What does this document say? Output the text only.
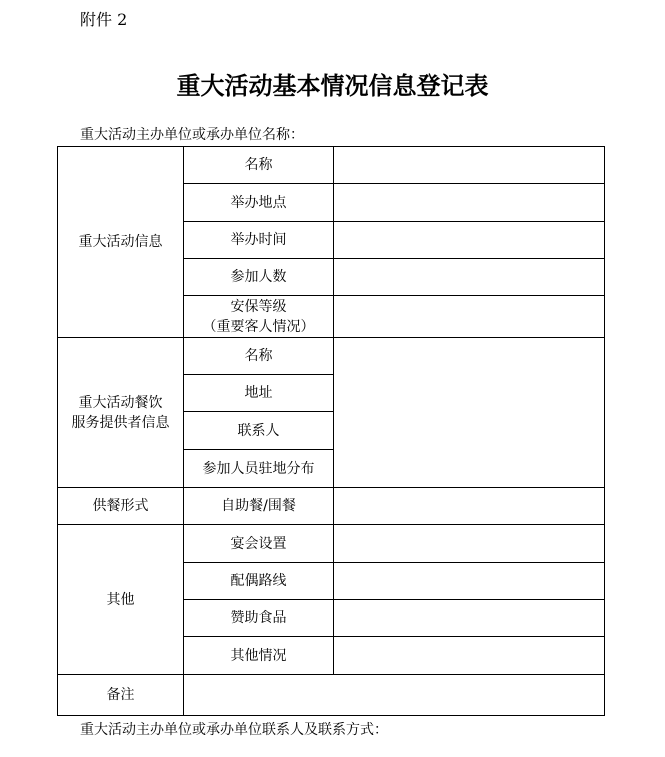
附件 2
重大活动基本情况信息登记表
重大活动主办单位或承办单位名称：
重大活动信息	名称	
	举办地点	
	举办时间	
	参加人数	

	安保等级
（重要客人情况）	

重大活动餐饮
服务提供者信息	名称	
	地址	
	联系人	
	参加人员驻地分布	
供餐形式	自助餐/围餐	
其他	宴会设置	
	配偶路线	
	赞助食品	
	其他情况	
备注		
重大活动主办单位或承办单位联系人及联系方式：
